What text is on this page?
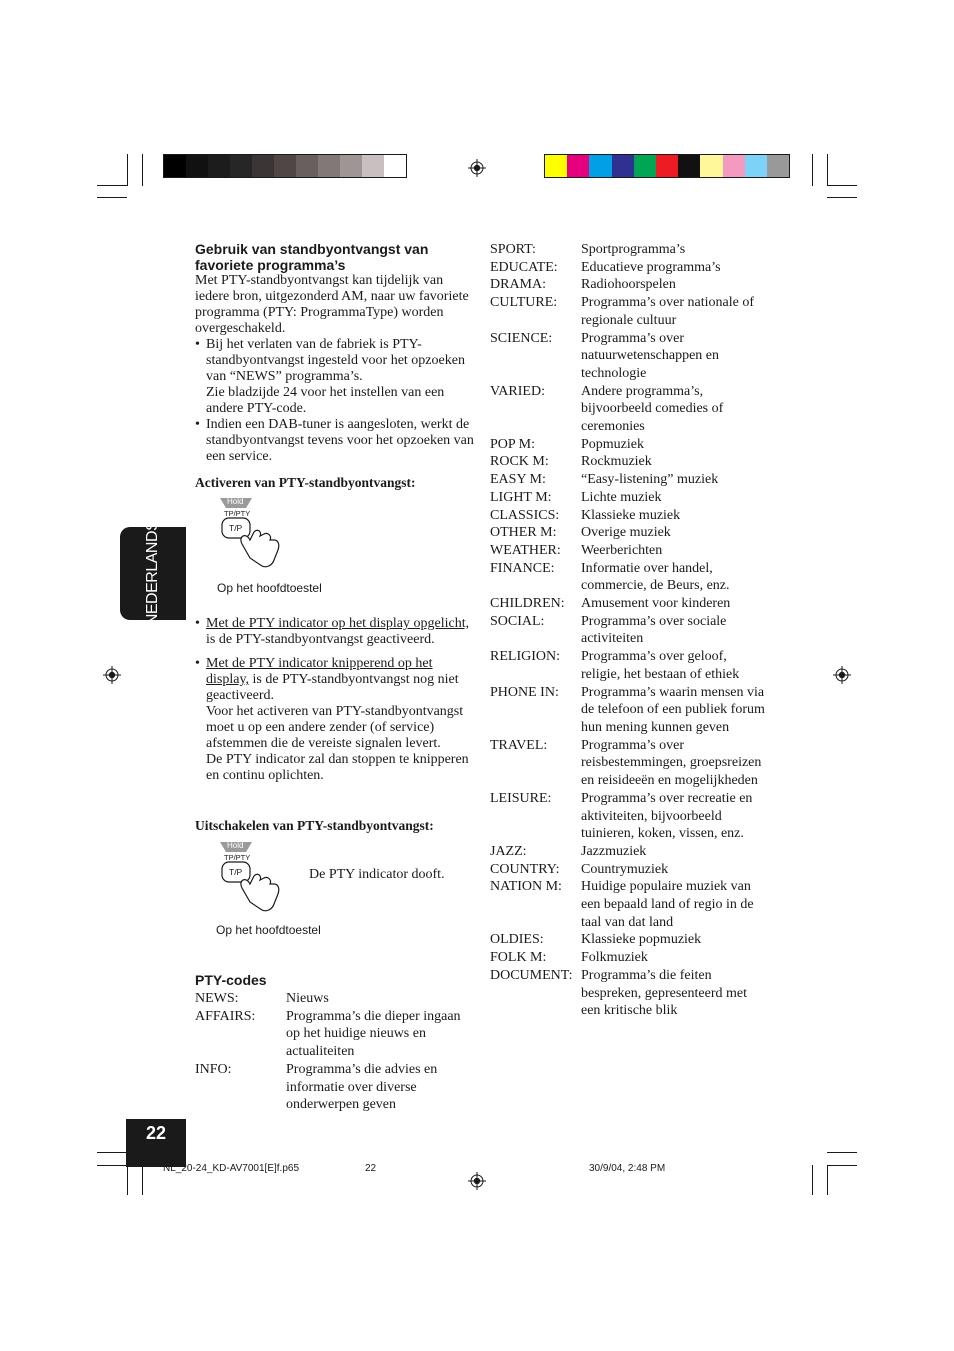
NEDERLANDS
Gebruik van standbyontvangst van favoriete programma’s
Met PTY-standbyontvangst kan tijdelijk van iedere bron, uitgezonderd AM, naar uw favoriete programma (PTY: ProgrammaType) worden overgeschakeld.
• Bij het verlaten van de fabriek is PTY-standbyontvangst ingesteld voor het opzoeken van “NEWS” programma’s.
Zie bladzijde 24 voor het instellen van een andere PTY-code.
• Indien een DAB-tuner is aangesloten, werkt de standbyontvangst tevens voor het opzoeken van een service.
Activeren van PTY-standbyontvangst:
Hold
TP/PTY
T/P
Op het hoofdtoestel
• Met de PTY indicator op het display opgelicht, is de PTY-standbyontvangst geactiveerd.
• Met de PTY indicator knipperend op het display, is de PTY-standbyontvangst nog niet geactiveerd.
Voor het activeren van PTY-standbyontvangst moet u op een andere zender (of service) afstemmen die de vereiste signalen levert.
De PTY indicator zal dan stoppen te knipperen en continu oplichten.
Uitschakelen van PTY-standbyontvangst:
Hold
TP/PTY
T/P	De PTY indicator dooft.
Op het hoofdtoestel
PTY-codes
NEWS:	Nieuws
AFFAIRS:	Programma’s die dieper ingaan op het huidige nieuws en actualiteiten
INFO:	Programma’s die advies en informatie over diverse onderwerpen geven
SPORT:	Sportprogramma’s
EDUCATE:	Educatieve programma’s
DRAMA:	Radiohoorspelen
CULTURE:	Programma’s over nationale of regionale cultuur
SCIENCE:	Programma’s over natuurwetenschappen en technologie
VARIED:	Andere programma’s, bijvoorbeeld comedies of ceremonies
POP M:	Popmuziek
ROCK M:	Rockmuziek
EASY M:	“Easy-listening” muziek
LIGHT M:	Lichte muziek
CLASSICS:	Klassieke muziek
OTHER M:	Overige muziek
WEATHER:	Weerberichten
FINANCE:	Informatie over handel, commercie, de Beurs, enz.
CHILDREN:	Amusement voor kinderen
SOCIAL:	Programma’s over sociale activiteiten
RELIGION:	Programma’s over geloof, religie, het bestaan of ethiek
PHONE IN:	Programma’s waarin mensen via de telefoon of een publiek forum hun mening kunnen geven
TRAVEL:	Programma’s over reisbestemmingen, groepsreizen en reisideeën en mogelijkheden
LEISURE:	Programma’s over recreatie en aktiviteiten, bijvoorbeeld tuinieren, koken, vissen, enz.
JAZZ:	Jazzmuziek
COUNTRY:	Countrymuziek
NATION M:	Huidige populaire muziek van een bepaald land of regio in de taal van dat land
OLDIES:	Klassieke popmuziek
FOLK M:	Folkmuziek
DOCUMENT: Programma’s die feiten bespreken, gepresenteerd met een kritische blik
22
NL_20-24_KD-AV7001[E]f.p65	22	30/9/04, 2:48 PM
